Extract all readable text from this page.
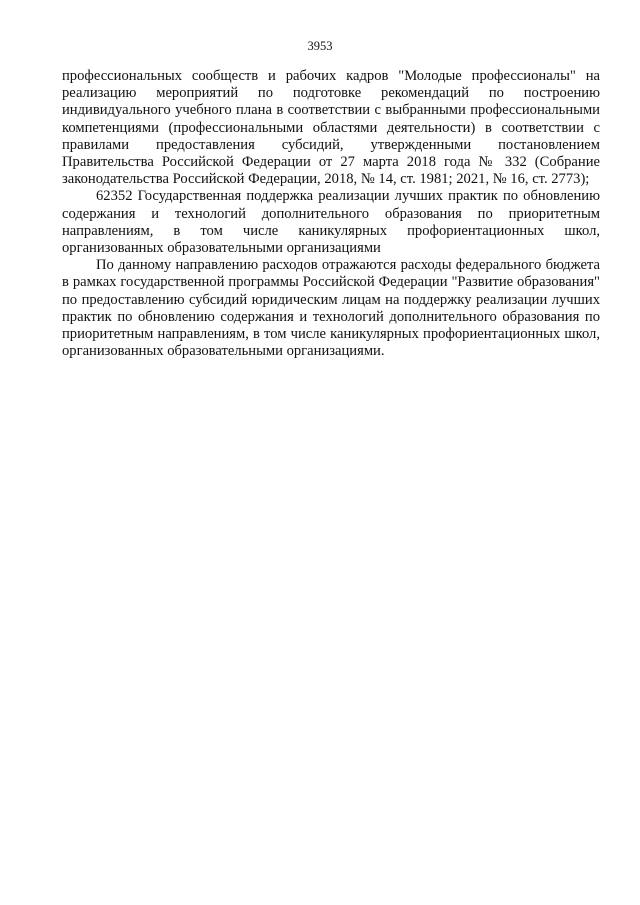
3953

профессиональных сообществ и рабочих кадров "Молодые профессионалы" на реализацию мероприятий по подготовке рекомендаций по построению индивидуального учебного плана в соответствии с выбранными профессиональными компетенциями (профессиональными областями деятельности) в соответствии с правилами предоставления субсидий, утвержденными постановлением Правительства Российской Федерации от 27 марта 2018 года № 332 (Собрание законодательства Российской Федерации, 2018, № 14, ст. 1981; 2021, № 16, ст. 2773);

62352 Государственная поддержка реализации лучших практик по обновлению содержания и технологий дополнительного образования по приоритетным направлениям, в том числе каникулярных профориентационных школ, организованных образовательными организациями

По данному направлению расходов отражаются расходы федерального бюджета в рамках государственной программы Российской Федерации "Развитие образования" по предоставлению субсидий юридическим лицам на поддержку реализации лучших практик по обновлению содержания и технологий дополнительного образования по приоритетным направлениям, в том числе каникулярных профориентационных школ, организованных образовательными организациями.
